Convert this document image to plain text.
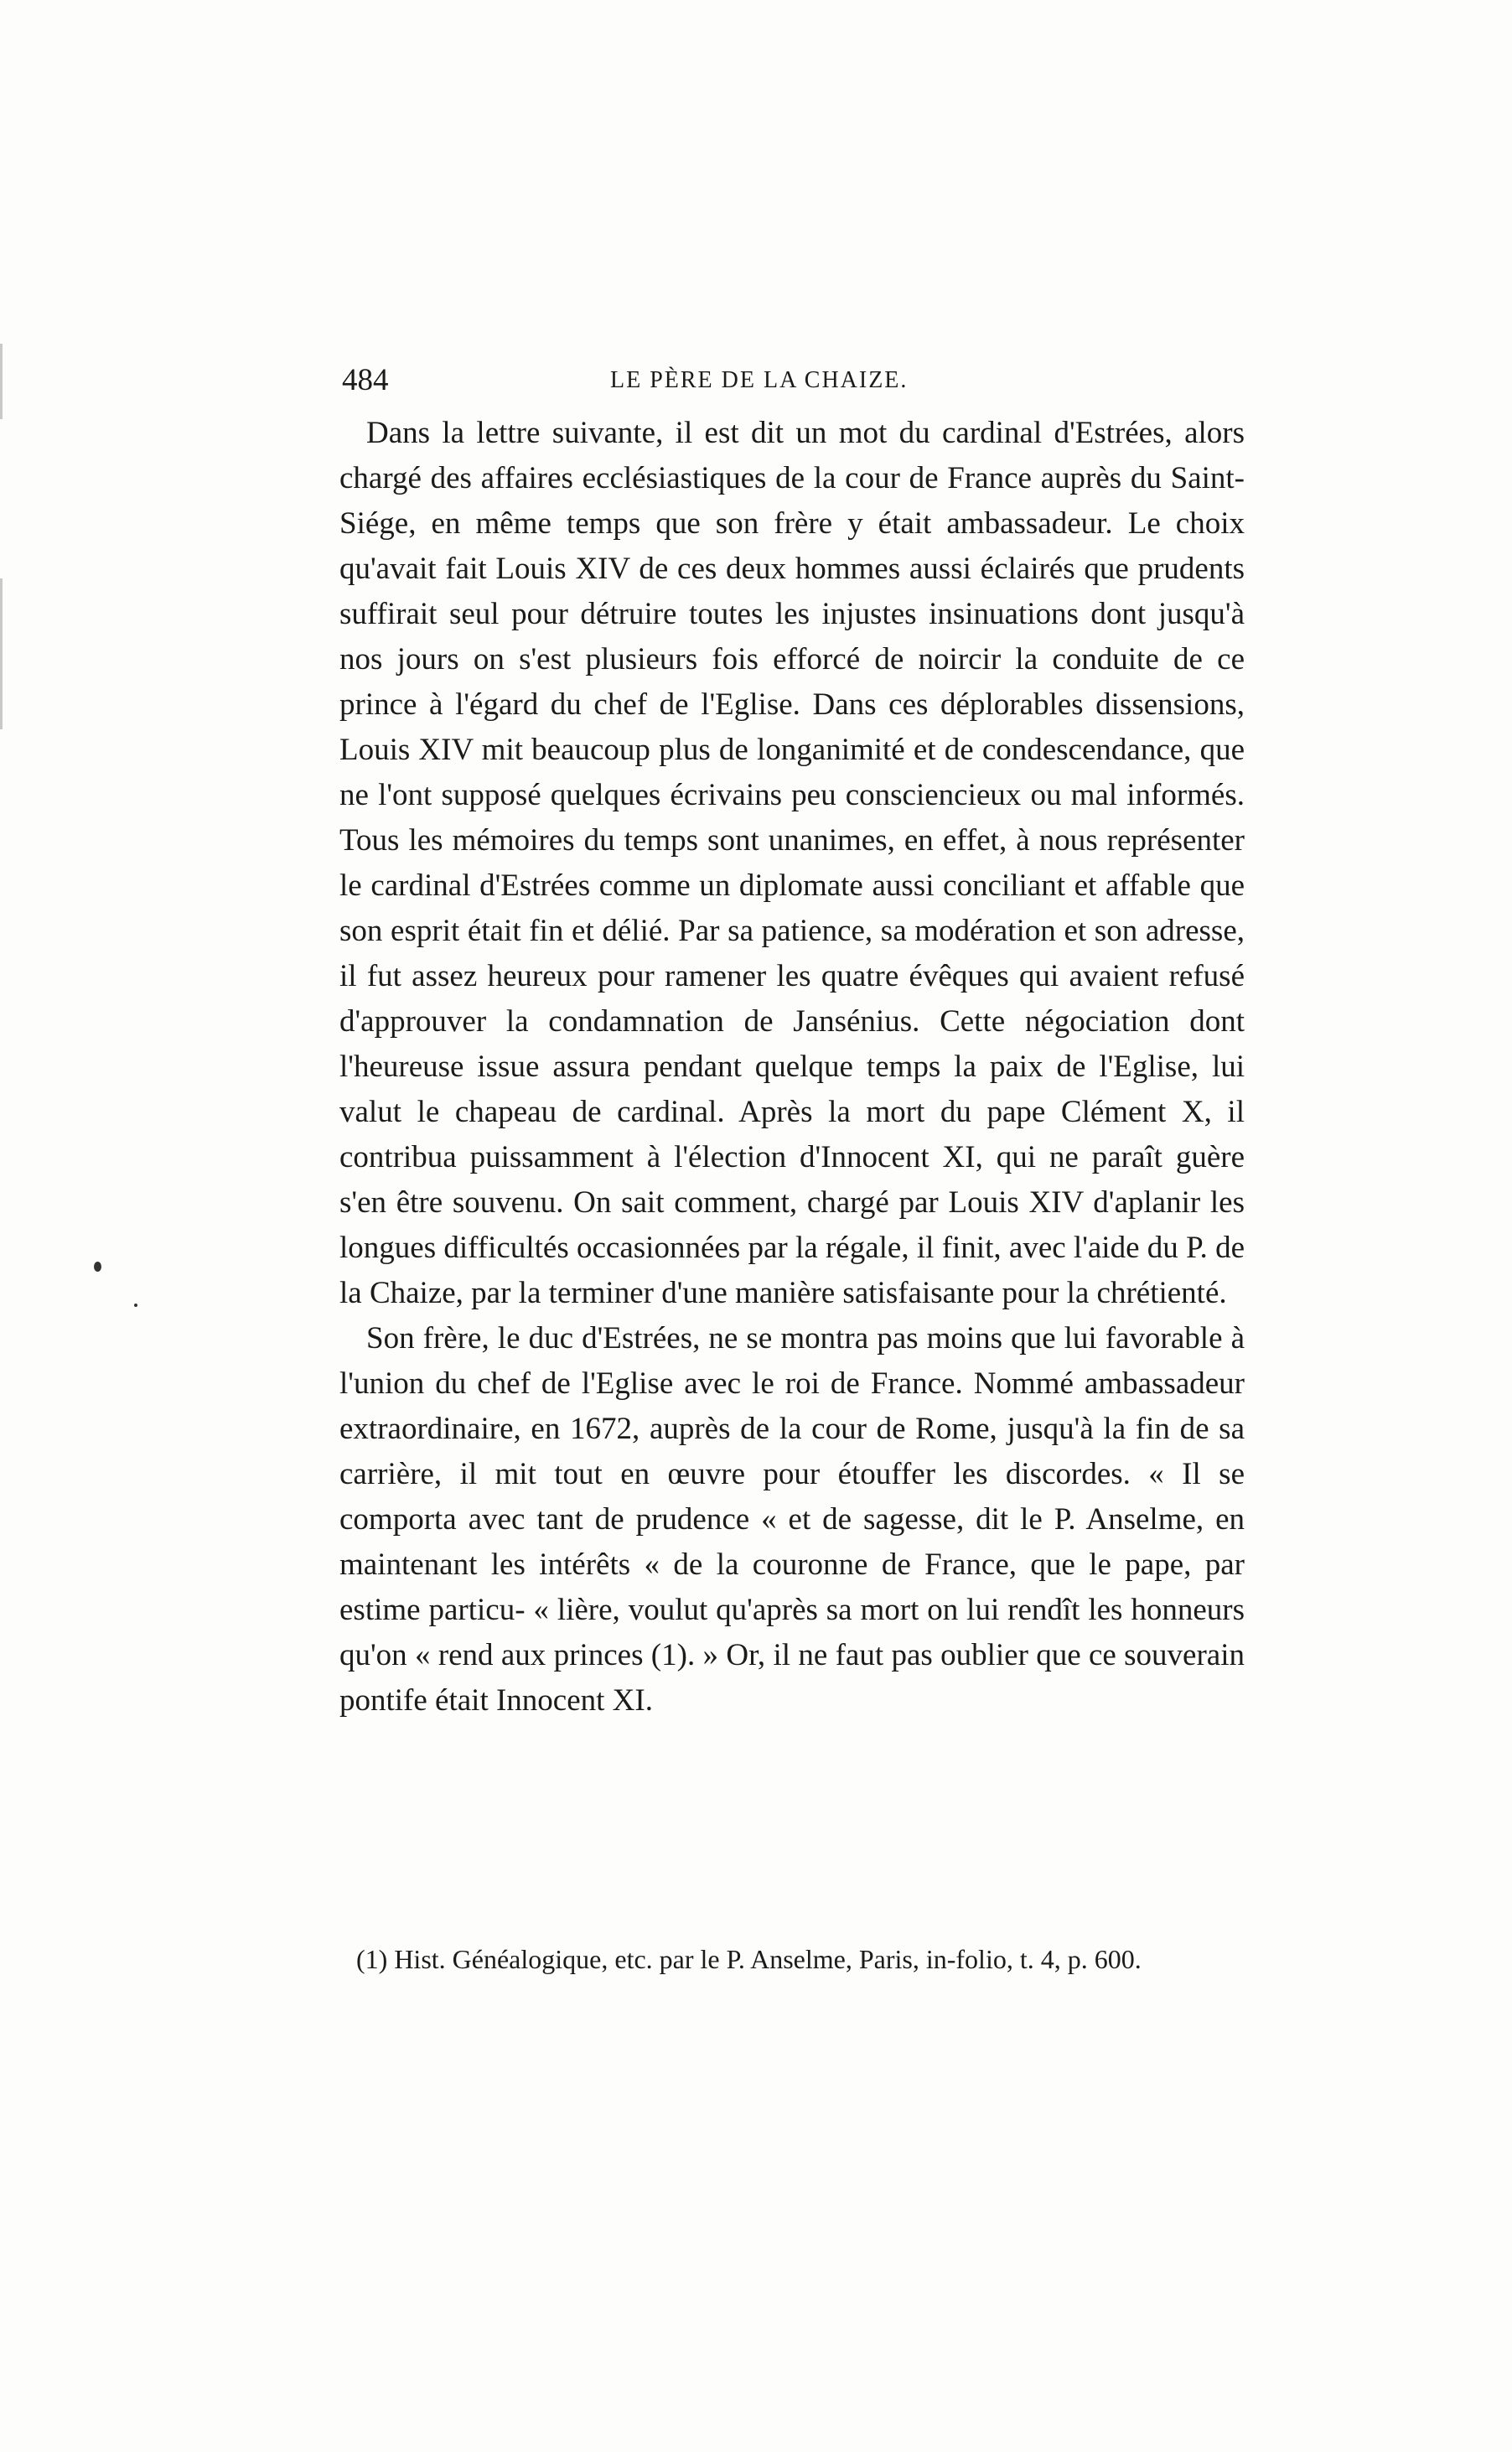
484	LE PÈRE DE LA CHAIZE.

Dans la lettre suivante, il est dit un mot du cardinal d'Estrées, alors chargé des affaires ecclésiastiques de la cour de France auprès du Saint-Siége, en même temps que son frère y était ambassadeur. Le choix qu'avait fait Louis XIV de ces deux hommes aussi éclairés que prudents suffirait seul pour détruire toutes les injustes insinuations dont jusqu'à nos jours on s'est plusieurs fois efforcé de noircir la conduite de ce prince à l'égard du chef de l'Eglise. Dans ces déplorables dissensions, Louis XIV mit beaucoup plus de longanimité et de condescendance, que ne l'ont supposé quelques écrivains peu consciencieux ou mal informés. Tous les mémoires du temps sont unanimes, en effet, à nous représenter le cardinal d'Estrées comme un diplomate aussi conciliant et affable que son esprit était fin et délié. Par sa patience, sa modération et son adresse, il fut assez heureux pour ramener les quatre évêques qui avaient refusé d'approuver la condamnation de Jansénius. Cette négociation dont l'heureuse issue assura pendant quelque temps la paix de l'Eglise, lui valut le chapeau de cardinal. Après la mort du pape Clément X, il contribua puissamment à l'élection d'Innocent XI, qui ne paraît guère s'en être souvenu. On sait comment, chargé par Louis XIV d'aplanir les longues difficultés occasionnées par la régale, il finit, avec l'aide du P. de la Chaize, par la terminer d'une manière satisfaisante pour la chrétienté.

Son frère, le duc d'Estrées, ne se montra pas moins que lui favorable à l'union du chef de l'Eglise avec le roi de France. Nommé ambassadeur extraordinaire, en 1672, auprès de la cour de Rome, jusqu'à la fin de sa carrière, il mit tout en œuvre pour étouffer les discordes. « Il se comporta avec tant de prudence « et de sagesse, dit le P. Anselme, en maintenant les intérêts « de la couronne de France, que le pape, par estime particu- « lière, voulut qu'après sa mort on lui rendît les honneurs qu'on « rend aux princes (1). » Or, il ne faut pas oublier que ce souverain pontife était Innocent XI.

(1) Hist. Généalogique, etc. par le P. Anselme, Paris, in-folio, t. 4, p. 600.
